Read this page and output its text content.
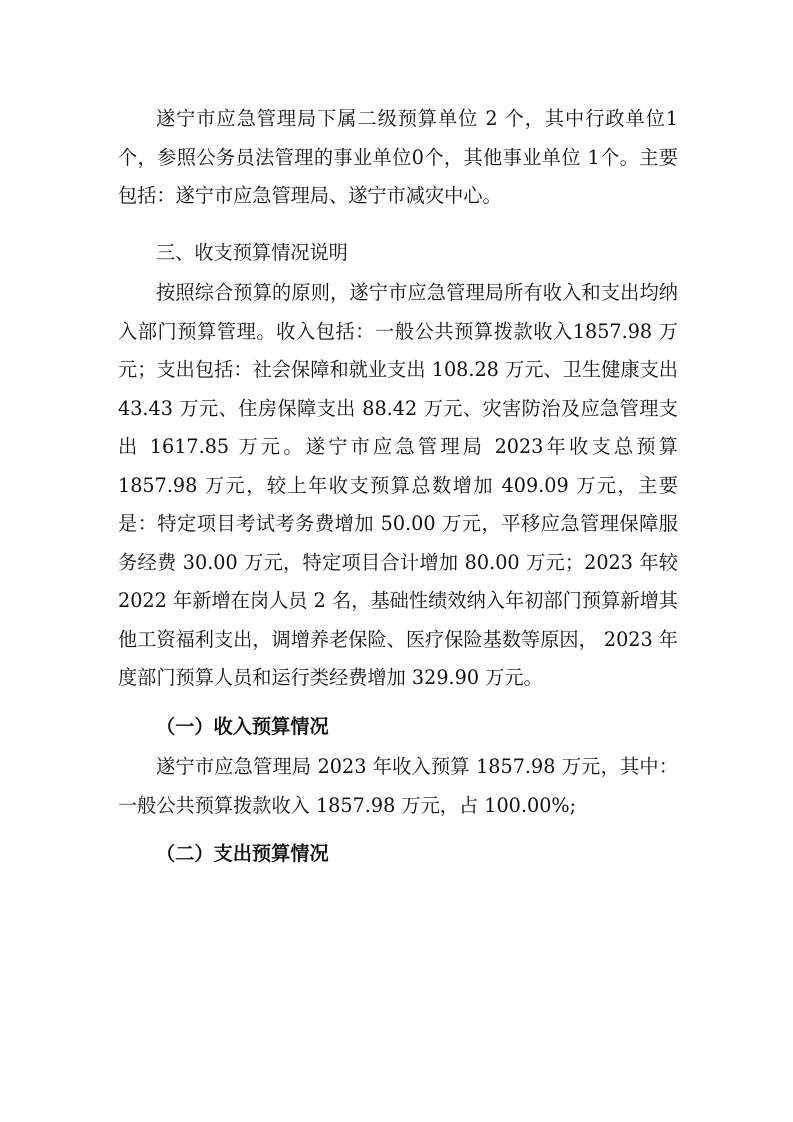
遂宁市应急管理局下属二级预算单位 2 个，其中行政单位1个，参照公务员法管理的事业单位0个，其他事业单位 1个。主要包括：遂宁市应急管理局、遂宁市减灾中心。

三、收支预算情况说明

按照综合预算的原则，遂宁市应急管理局所有收入和支出均纳入部门预算管理。收入包括：一般公共预算拨款收入1857.98 万元；支出包括：社会保障和就业支出 108.28 万元、卫生健康支出 43.43 万元、住房保障支出 88.42 万元、灾害防治及应急管理支出 1617.85 万元。遂宁市应急管理局 2023年收支总预算 1857.98 万元，较上年收支预算总数增加 409.09 万元，主要是：特定项目考试考务费增加 50.00 万元，平移应急管理保障服务经费 30.00 万元，特定项目合计增加 80.00 万元；2023 年较 2022 年新增在岗人员 2 名，基础性绩效纳入年初部门预算新增其他工资福利支出，调增养老保险、医疗保险基数等原因， 2023 年度部门预算人员和运行类经费增加 329.90 万元。

（一）收入预算情况

遂宁市应急管理局 2023 年收入预算 1857.98 万元，其中：一般公共预算拨款收入 1857.98 万元，占 100.00%;

（二）支出预算情况
